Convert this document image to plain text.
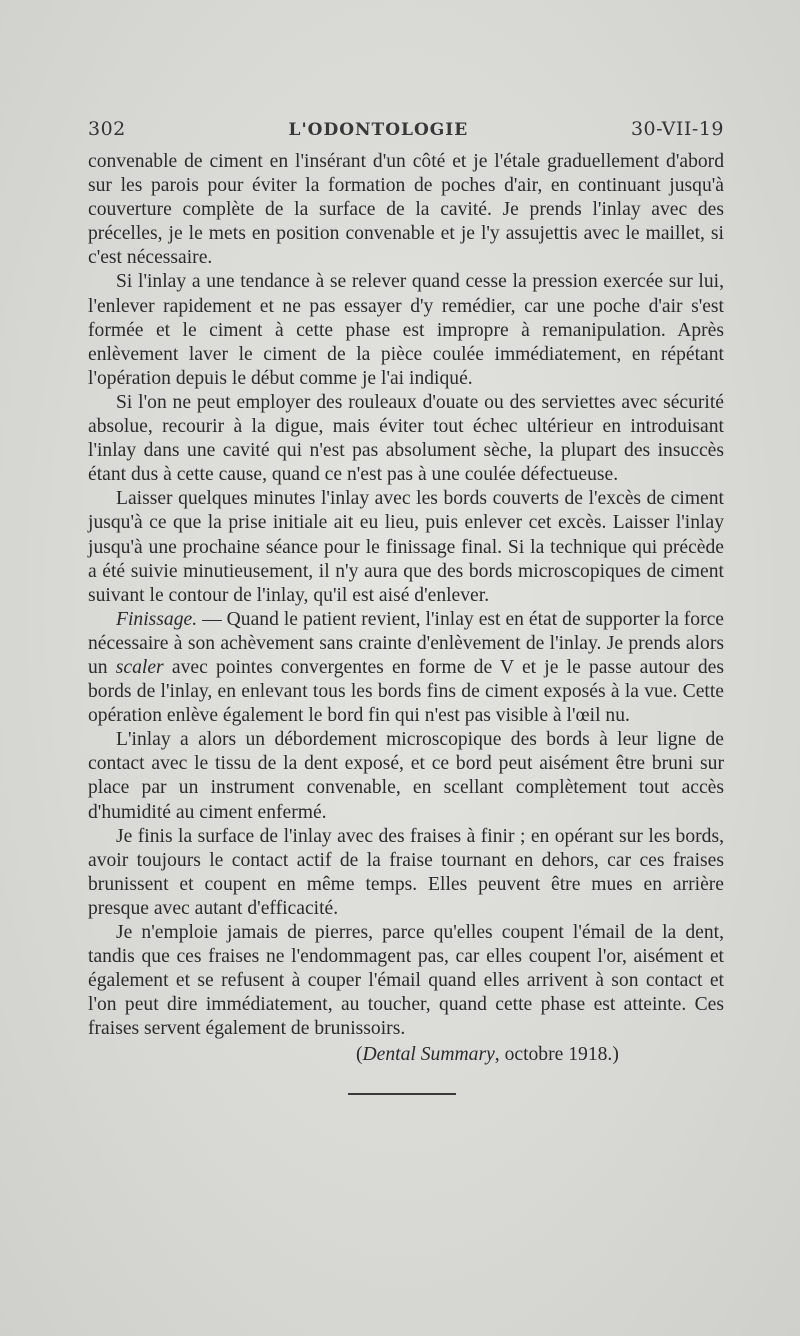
302	L'ODONTOLOGIE	30-VII-19

convenable de ciment en l'insérant d'un côté et je l'étale graduellement d'abord sur les parois pour éviter la formation de poches d'air, en continuant jusqu'à couverture complète de la surface de la cavité. Je prends l'inlay avec des précelles, je le mets en position convenable et je l'y assujettis avec le maillet, si c'est nécessaire.

Si l'inlay a une tendance à se relever quand cesse la pression exercée sur lui, l'enlever rapidement et ne pas essayer d'y remédier, car une poche d'air s'est formée et le ciment à cette phase est impropre à remanipulation. Après enlèvement laver le ciment de la pièce coulée immédiatement, en répétant l'opération depuis le début comme je l'ai indiqué.

Si l'on ne peut employer des rouleaux d'ouate ou des serviettes avec sécurité absolue, recourir à la digue, mais éviter tout échec ultérieur en introduisant l'inlay dans une cavité qui n'est pas absolument sèche, la plupart des insuccès étant dus à cette cause, quand ce n'est pas à une coulée défectueuse.

Laisser quelques minutes l'inlay avec les bords couverts de l'excès de ciment jusqu'à ce que la prise initiale ait eu lieu, puis enlever cet excès. Laisser l'inlay jusqu'à une prochaine séance pour le finissage final. Si la technique qui précède a été suivie minutieusement, il n'y aura que des bords microscopiques de ciment suivant le contour de l'inlay, qu'il est aisé d'enlever.

Finissage. — Quand le patient revient, l'inlay est en état de supporter la force nécessaire à son achèvement sans crainte d'enlèvement de l'inlay. Je prends alors un scaler avec pointes convergentes en forme de V et je le passe autour des bords de l'inlay, en enlevant tous les bords fins de ciment exposés à la vue. Cette opération enlève également le bord fin qui n'est pas visible à l'œil nu.

L'inlay a alors un débordement microscopique des bords à leur ligne de contact avec le tissu de la dent exposé, et ce bord peut aisément être bruni sur place par un instrument convenable, en scellant complètement tout accès d'humidité au ciment enfermé.

Je finis la surface de l'inlay avec des fraises à finir ; en opérant sur les bords, avoir toujours le contact actif de la fraise tournant en dehors, car ces fraises brunissent et coupent en même temps. Elles peuvent être mues en arrière presque avec autant d'efficacité.

Je n'emploie jamais de pierres, parce qu'elles coupent l'émail de la dent, tandis que ces fraises ne l'endommagent pas, car elles coupent l'or, aisément et également et se refusent à couper l'émail quand elles arrivent à son contact et l'on peut dire immédiatement, au toucher, quand cette phase est atteinte. Ces fraises servent également de brunissoirs.

(Dental Summary, octobre 1918.)
